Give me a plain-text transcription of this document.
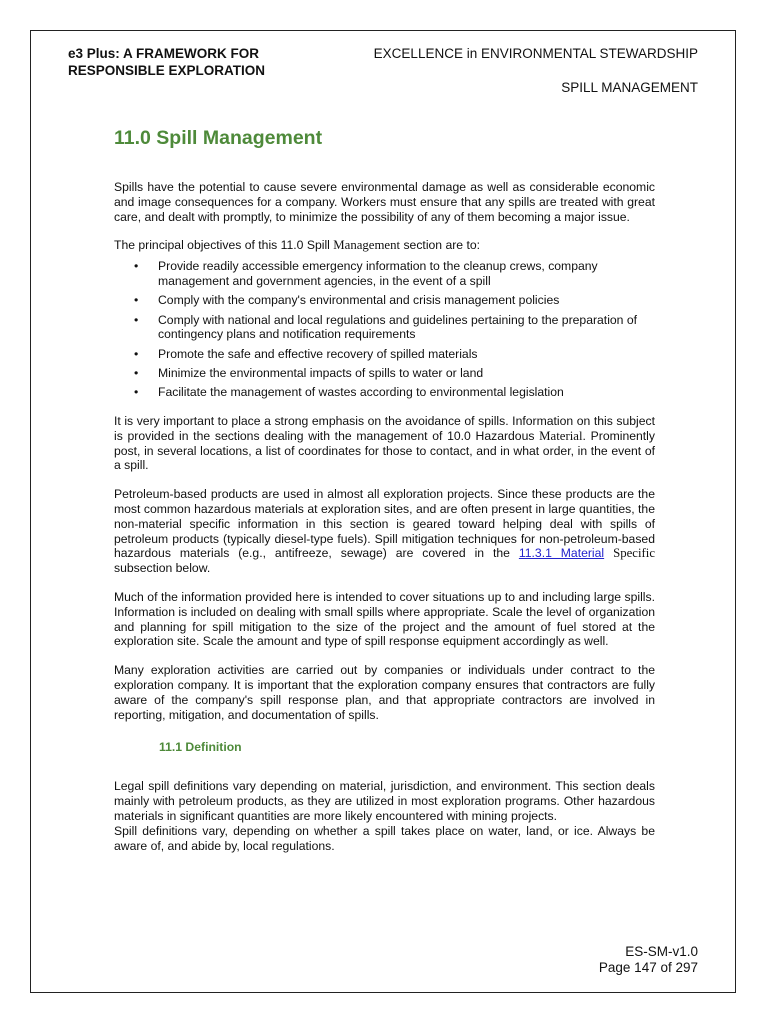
e3 Plus: A FRAMEWORK FOR
RESPONSIBLE EXPLORATION
EXCELLENCE in ENVIRONMENTAL STEWARDSHIP
SPILL MANAGEMENT
11.0 Spill Management

Spills have the potential to cause severe environmental damage as well as considerable economic and image consequences for a company. Workers must ensure that any spills are treated with great care, and dealt with promptly, to minimize the possibility of any of them becoming a major issue.

The principal objectives of this 11.0 Spill Management section are to:

• Provide readily accessible emergency information to the cleanup crews, company management and government agencies, in the event of a spill
• Comply with the company's environmental and crisis management policies
• Comply with national and local regulations and guidelines pertaining to the preparation of contingency plans and notification requirements
• Promote the safe and effective recovery of spilled materials
• Minimize the environmental impacts of spills to water or land
• Facilitate the management of wastes according to environmental legislation

It is very important to place a strong emphasis on the avoidance of spills. Information on this subject is provided in the sections dealing with the management of 10.0 Hazardous Material. Prominently post, in several locations, a list of coordinates for those to contact, and in what order, in the event of a spill.

Petroleum-based products are used in almost all exploration projects. Since these products are the most common hazardous materials at exploration sites, and are often present in large quantities, the non-material specific information in this section is geared toward helping deal with spills of petroleum products (typically diesel-type fuels). Spill mitigation techniques for non-petroleum-based hazardous materials (e.g., antifreeze, sewage) are covered in the 11.3.1 Material Specific subsection below.

Much of the information provided here is intended to cover situations up to and including large spills. Information is included on dealing with small spills where appropriate. Scale the level of organization and planning for spill mitigation to the size of the project and the amount of fuel stored at the exploration site. Scale the amount and type of spill response equipment accordingly as well.

Many exploration activities are carried out by companies or individuals under contract to the exploration company. It is important that the exploration company ensures that contractors are fully aware of the company's spill response plan, and that appropriate contractors are involved in reporting, mitigation, and documentation of spills.

11.1 Definition

Legal spill definitions vary depending on material, jurisdiction, and environment. This section deals mainly with petroleum products, as they are utilized in most exploration programs. Other hazardous materials in significant quantities are more likely encountered with mining projects.
Spill definitions vary, depending on whether a spill takes place on water, land, or ice. Always be aware of, and abide by, local regulations.

ES-SM-v1.0
Page 147 of 297
